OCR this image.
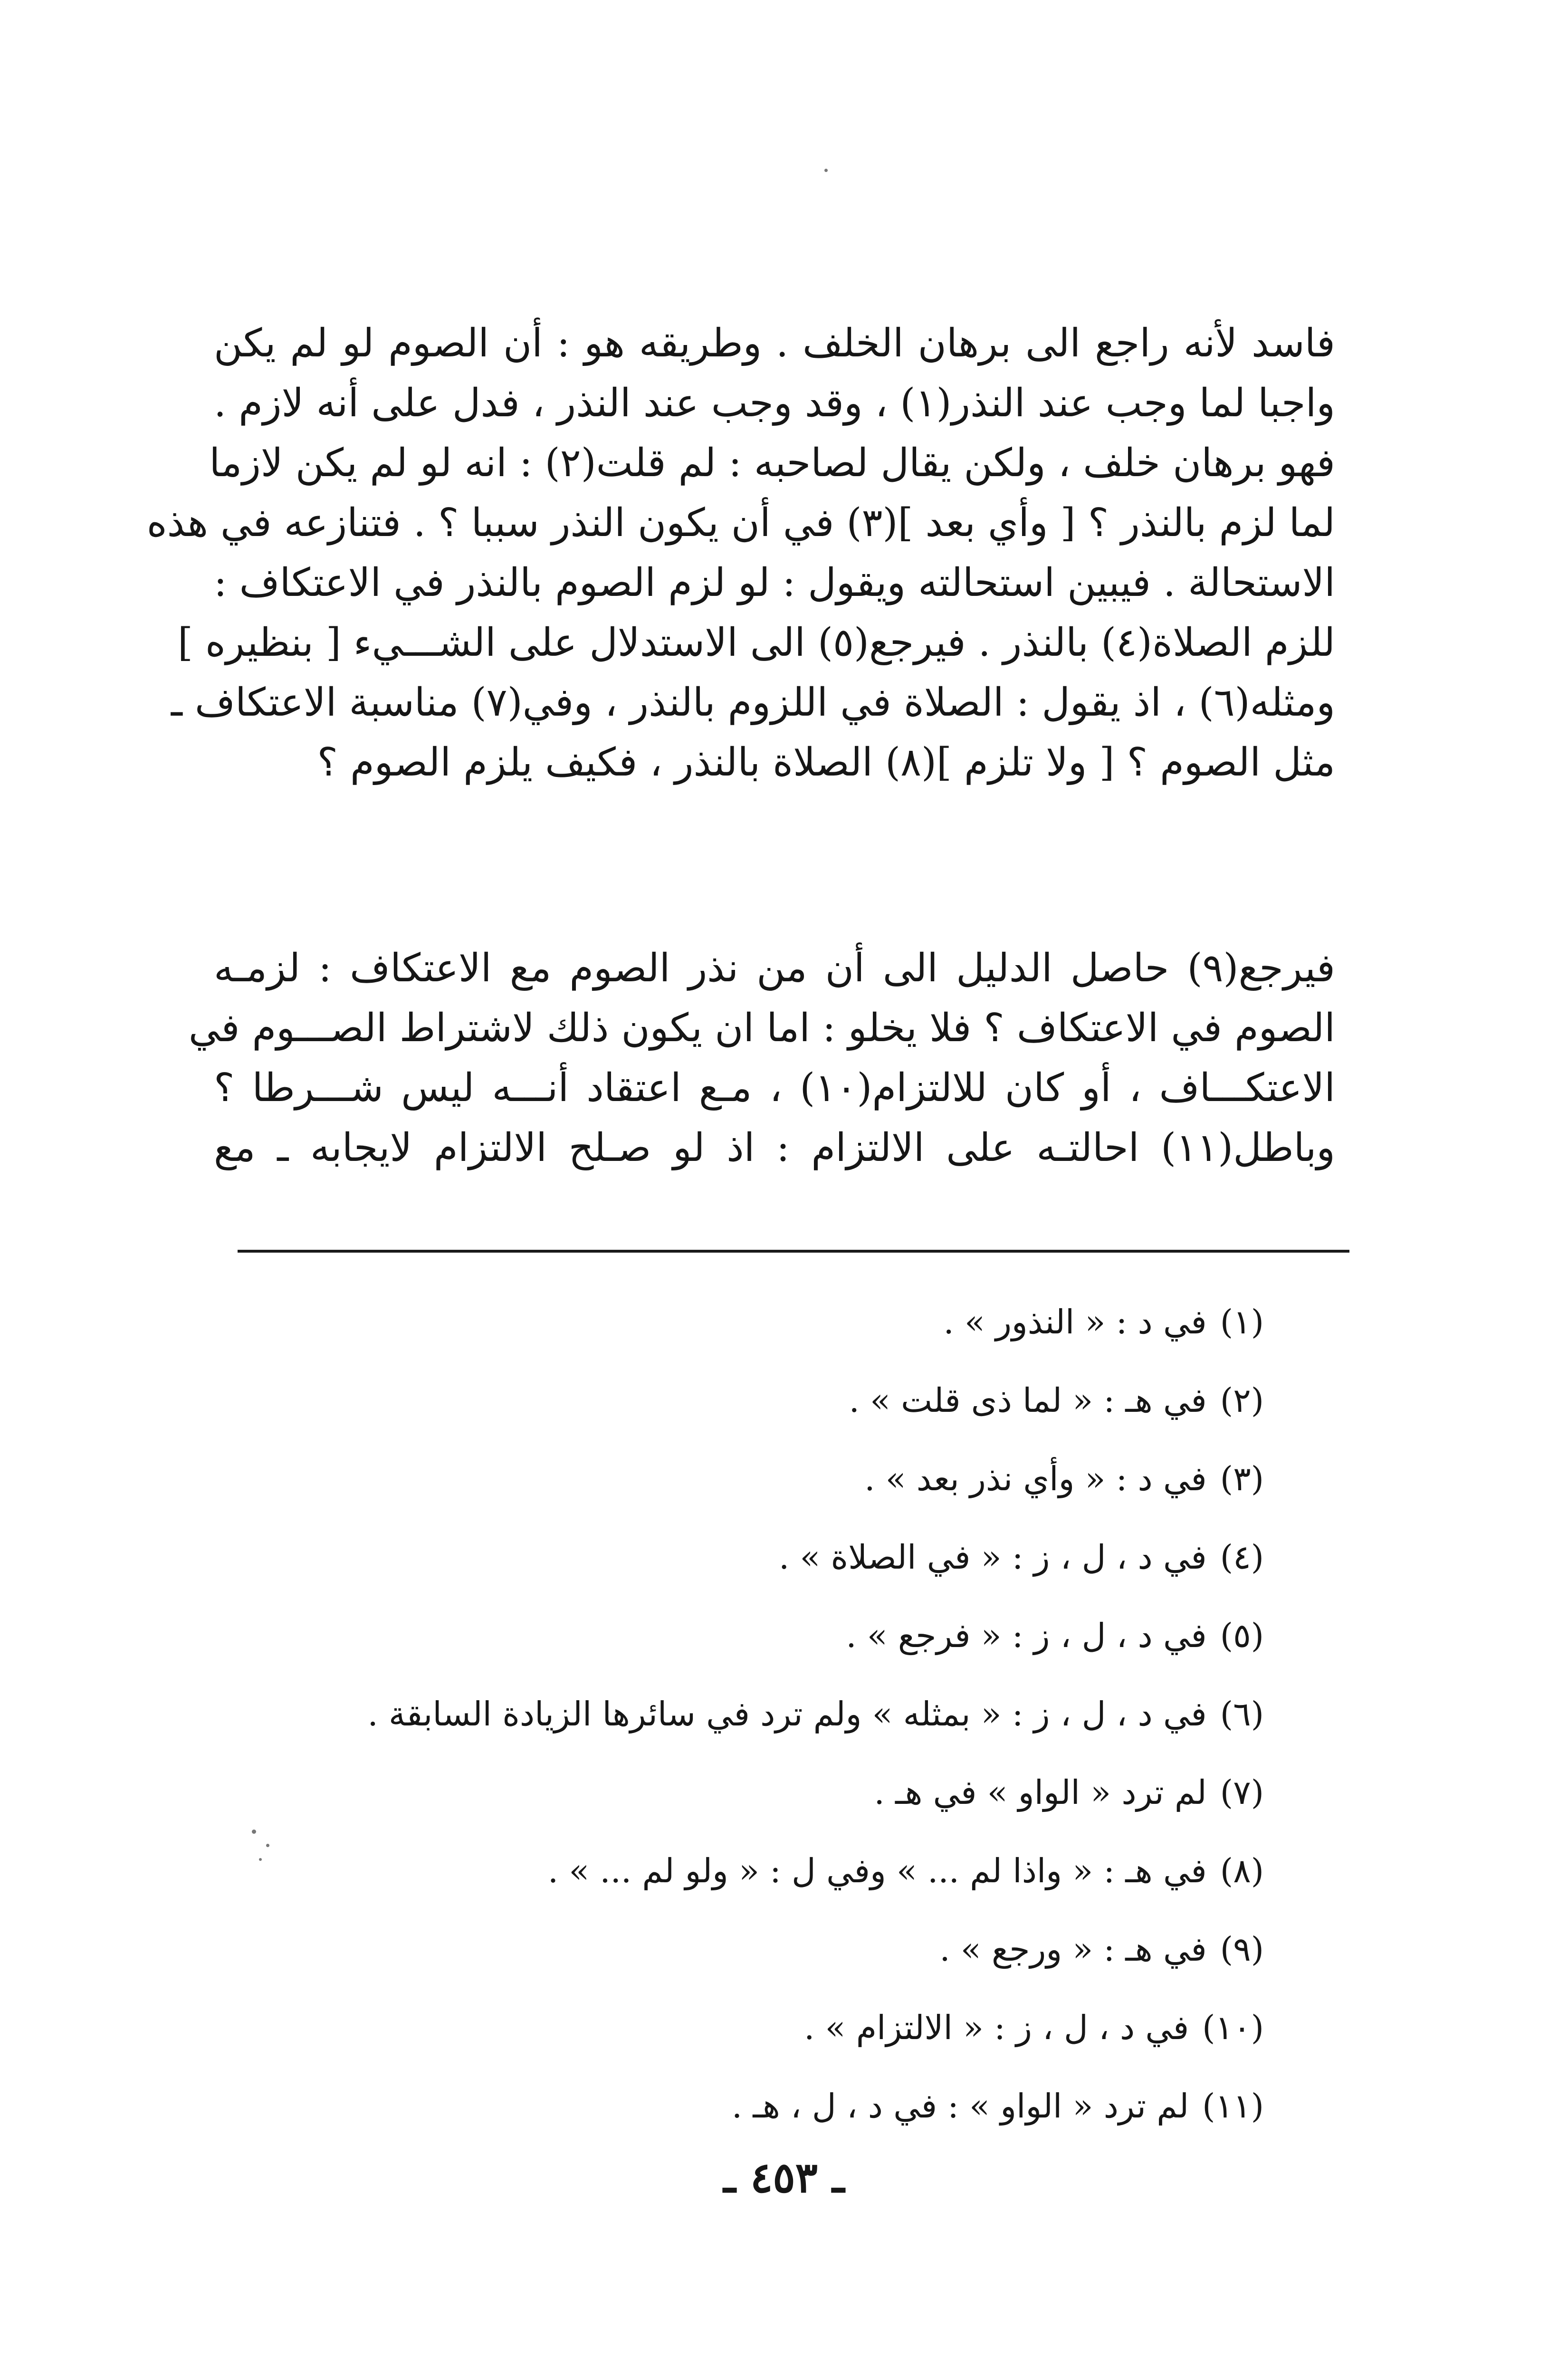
فاسد لأنه راجع الى برهان الخلف . وطريقه هو : أن الصوم لو لم يكن
واجبا لما وجب عند النذر(١) ، وقد وجب عند النذر ، فدل على أنه لازم .
فهو برهان خلف ، ولكن يقال لصاحبه : لم قلت(٢) : انه لو لم يكن لازما
لما لزم بالنذر ؟ [ وأي بعد ](٣) في أن يكون النذر سببا ؟ . فتنازعه في هذه
الاستحالة . فيبين استحالته ويقول : لو لزم الصوم بالنذر في الاعتكاف :
للزم الصلاة(٤) بالنذر . فيرجع(٥) الى الاستدلال على الشـــيء [ بنظيره ]
ومثله(٦) ، اذ يقول : الصلاة في اللزوم بالنذر ، وفي(٧) مناسبة الاعتكاف ـ
مثل الصوم ؟ [ ولا تلزم ](٨) الصلاة بالنذر ، فكيف يلزم الصوم ؟
فيرجع(٩) حاصل الدليل الى أن من نذر الصوم مع الاعتكاف : لزمـه
الصوم في الاعتكاف ؟ فلا يخلو : اما ان يكون ذلك لاشتراط الصـــوم في
الاعتكـــاف ، أو كان للالتزام(١٠) ، مـع اعتقاد أنـــه ليس شـــرطا ؟
وباطل(١١) احالتـه على الالتزام : اذ لو صـلح الالتزام لايجابه ـ مع
(١)في د : « النذور » .
(٢)في هـ : « لما ذى قلت » .
(٣)في د : « وأي نذر بعد » .
(٤)في د ، ل ، ز : « في الصلاة » .
(٥)في د ، ل ، ز : « فرجع » .
(٦)في د ، ل ، ز : « بمثله » ولم ترد في سائرها الزيادة السابقة .
(٧)لم ترد « الواو » في هـ .
(٨)في هـ : « واذا لم ... » وفي ل : « ولو لم ... » .
(٩)في هـ : « ورجع » .
(١٠)في د ، ل ، ز : « الالتزام » .
(١١)لم ترد « الواو » : في د ، ل ، هـ .
ـ ٤٥٣ ـ
